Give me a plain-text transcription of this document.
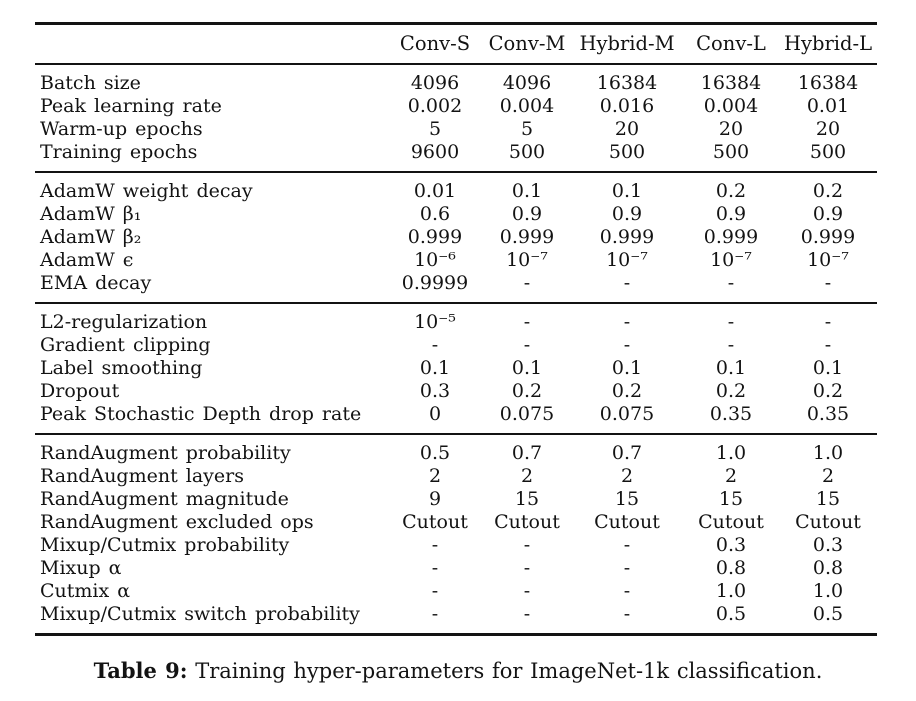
	Conv-S	Conv-M	Hybrid-M	Conv-L	Hybrid-L
Batch size	4096	4096	16384	16384	16384
Peak learning rate	0.002	0.004	0.016	0.004	0.01
Warm-up epochs	5	5	20	20	20
Training epochs	9600	500	500	500	500
AdamW weight decay	0.01	0.1	0.1	0.2	0.2
AdamW β₁	0.6	0.9	0.9	0.9	0.9
AdamW β₂	0.999	0.999	0.999	0.999	0.999
AdamW ϵ	10⁻⁶	10⁻⁷	10⁻⁷	10⁻⁷	10⁻⁷
EMA decay	0.9999	-	-	-	-
L2-regularization	10⁻⁵	-	-	-	-
Gradient clipping	-	-	-	-	-
Label smoothing	0.1	0.1	0.1	0.1	0.1
Dropout	0.3	0.2	0.2	0.2	0.2
Peak Stochastic Depth drop rate	0	0.075	0.075	0.35	0.35
RandAugment probability	0.5	0.7	0.7	1.0	1.0
RandAugment layers	2	2	2	2	2
RandAugment magnitude	9	15	15	15	15
RandAugment excluded ops	Cutout	Cutout	Cutout	Cutout	Cutout
Mixup/Cutmix probability	-	-	-	0.3	0.3
Mixup α	-	-	-	0.8	0.8
Cutmix α	-	-	-	1.0	1.0
Mixup/Cutmix switch probability	-	-	-	0.5	0.5
Table 9: Training hyper-parameters for ImageNet-1k classification.
